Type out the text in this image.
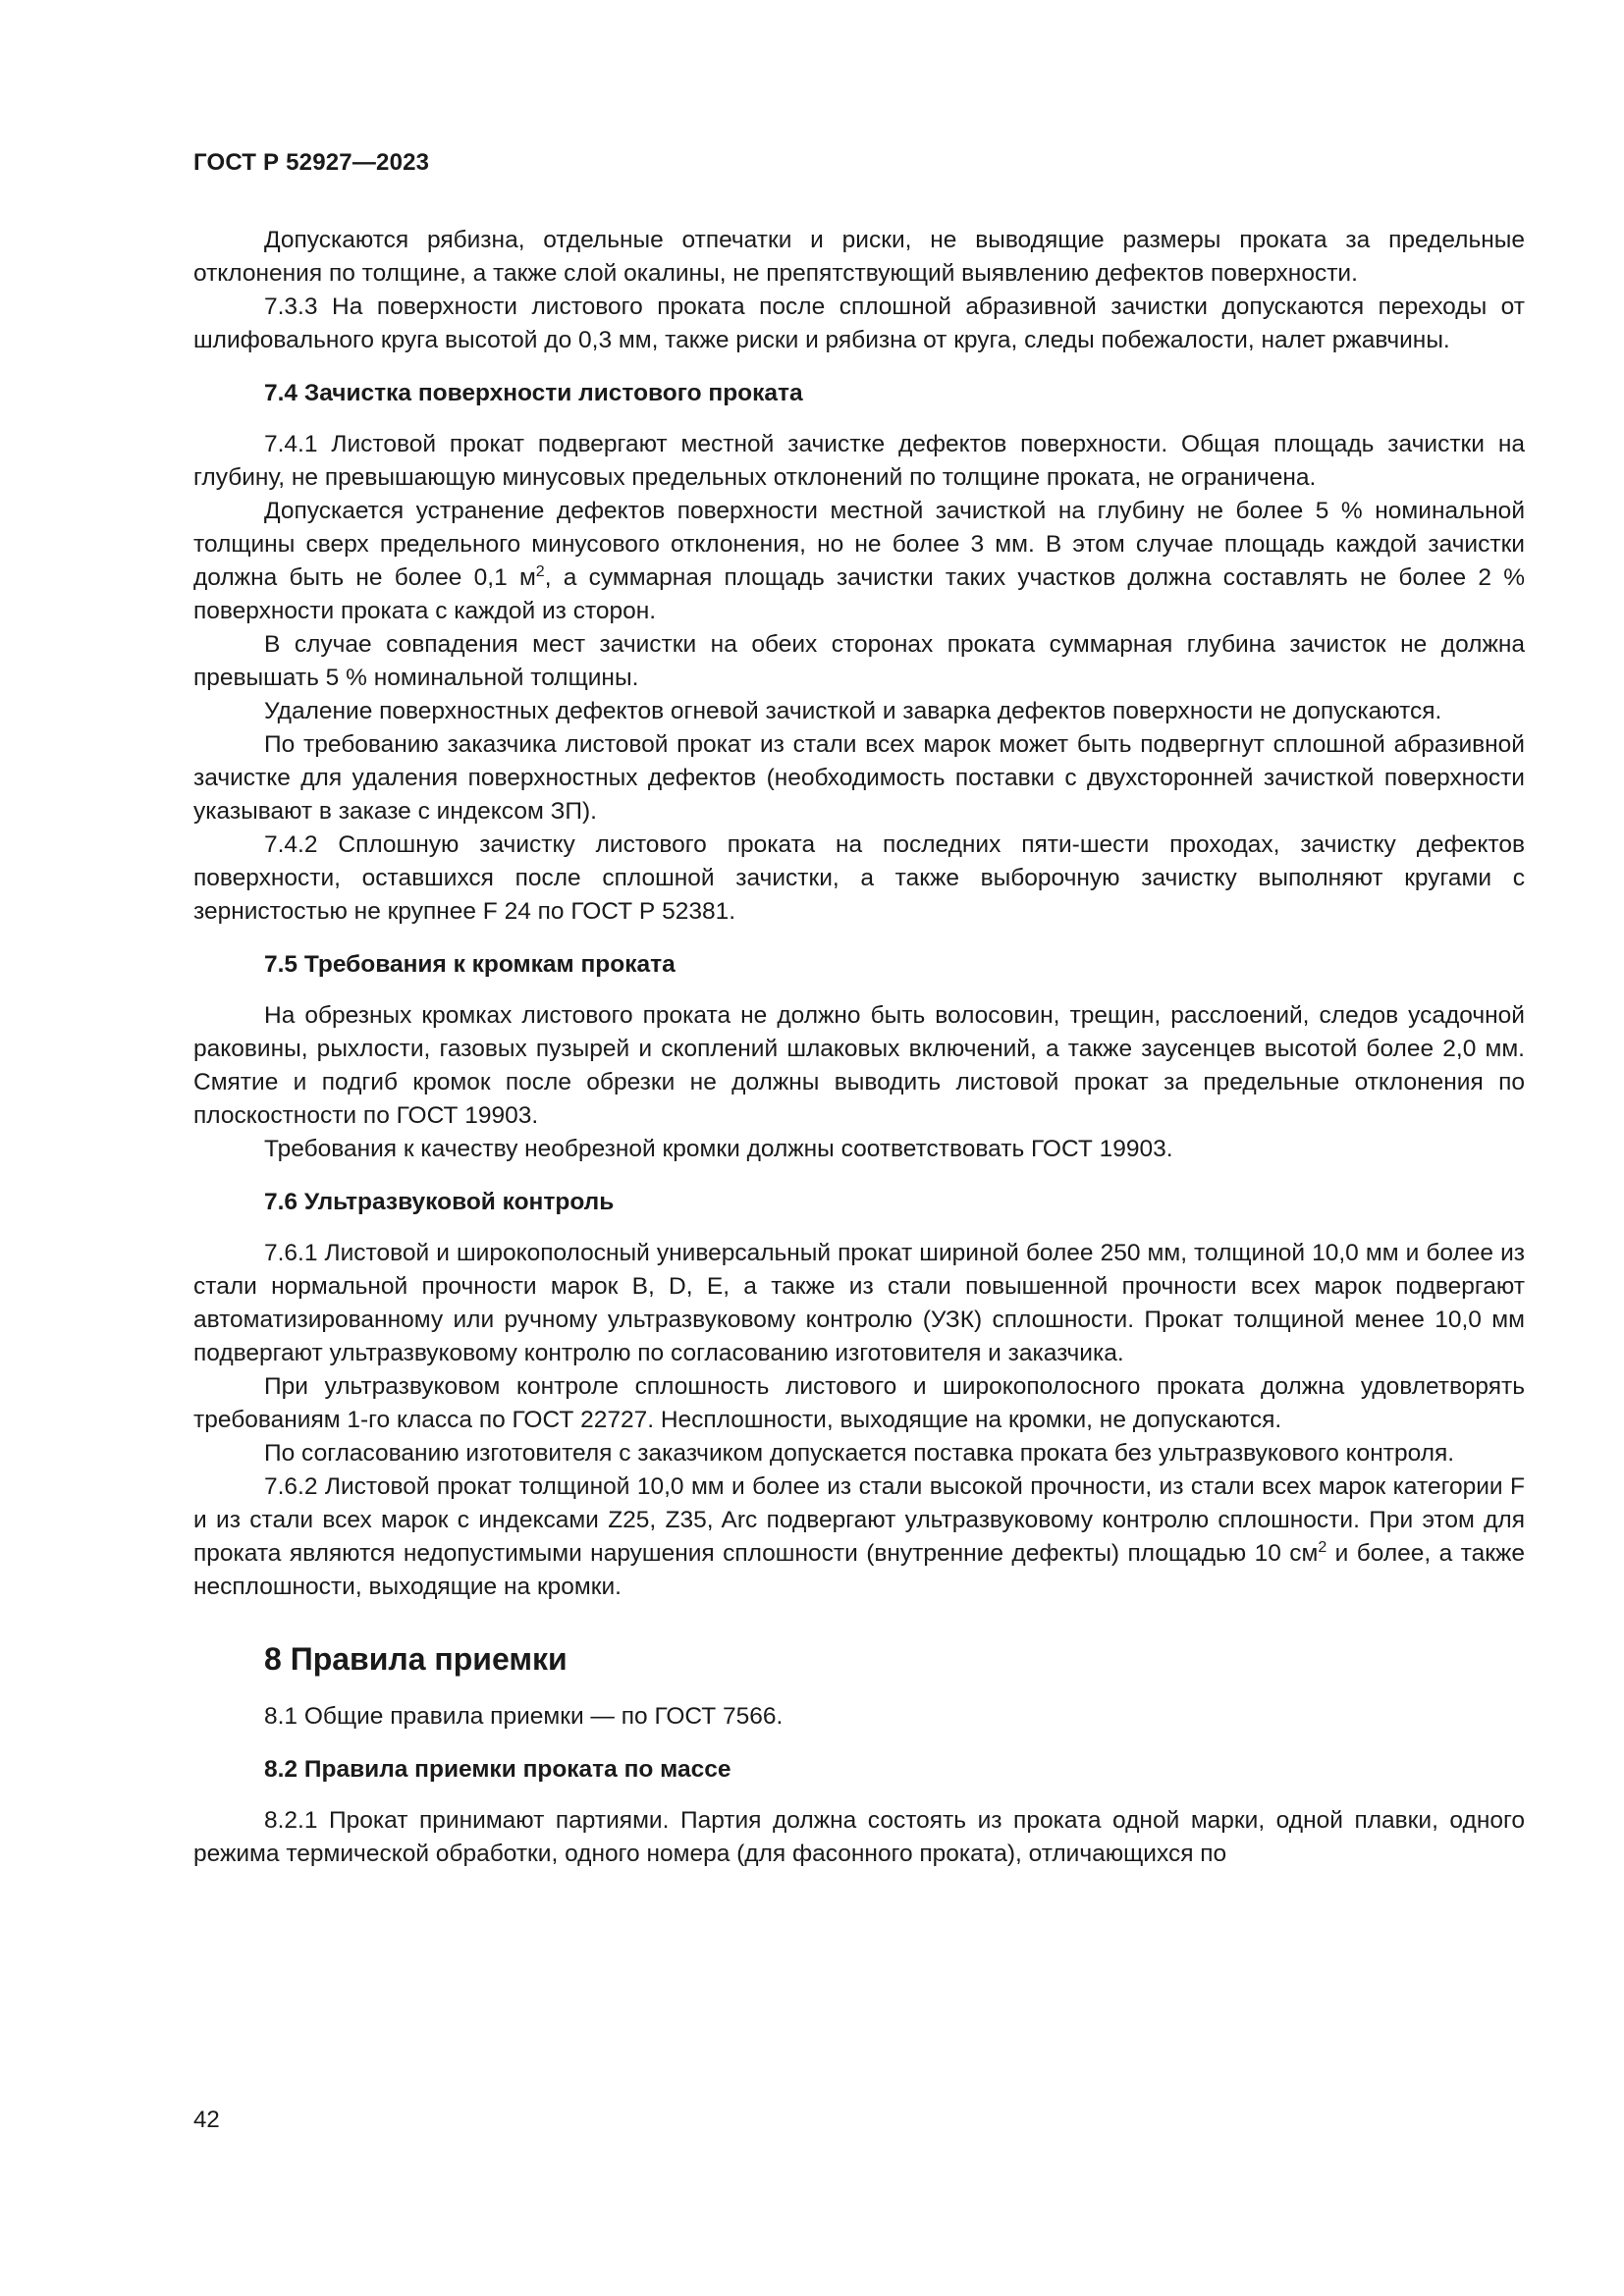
ГОСТ Р 52927—2023

Допускаются рябизна, отдельные отпечатки и риски, не выводящие размеры проката за предельные отклонения по толщине, а также слой окалины, не препятствующий выявлению дефектов поверхности.

7.3.3 На поверхности листового проката после сплошной абразивной зачистки допускаются переходы от шлифовального круга высотой до 0,3 мм, также риски и рябизна от круга, следы побежалости, налет ржавчины.

7.4 Зачистка поверхности листового проката

7.4.1 Листовой прокат подвергают местной зачистке дефектов поверхности. Общая площадь зачистки на глубину, не превышающую минусовых предельных отклонений по толщине проката, не ограничена.

Допускается устранение дефектов поверхности местной зачисткой на глубину не более 5 % номинальной толщины сверх предельного минусового отклонения, но не более 3 мм. В этом случае площадь каждой зачистки должна быть не более 0,1 $м^2$, а суммарная площадь зачистки таких участков должна составлять не более 2 % поверхности проката с каждой из сторон.

В случае совпадения мест зачистки на обеих сторонах проката суммарная глубина зачисток не должна превышать 5 % номинальной толщины.

Удаление поверхностных дефектов огневой зачисткой и заварка дефектов поверхности не допускаются.

По требованию заказчика листовой прокат из стали всех марок может быть подвергнут сплошной абразивной зачистке для удаления поверхностных дефектов (необходимость поставки с двухсторонней зачисткой поверхности указывают в заказе с индексом ЗП).

7.4.2 Сплошную зачистку листового проката на последних пяти-шести проходах, зачистку дефектов поверхности, оставшихся после сплошной зачистки, а также выборочную зачистку выполняют кругами с зернистостью не крупнее F 24 по ГОСТ Р 52381.

7.5 Требования к кромкам проката

На обрезных кромках листового проката не должно быть волосовин, трещин, расслоений, следов усадочной раковины, рыхлости, газовых пузырей и скоплений шлаковых включений, а также заусенцев высотой более 2,0 мм. Смятие и подгиб кромок после обрезки не должны выводить листовой прокат за предельные отклонения по плоскостности по ГОСТ 19903.

Требования к качеству необрезной кромки должны соответствовать ГОСТ 19903.

7.6 Ультразвуковой контроль

7.6.1 Листовой и широкополосный универсальный прокат шириной более 250 мм, толщиной 10,0 мм и более из стали нормальной прочности марок B, D, E, а также из стали повышенной прочности всех марок подвергают автоматизированному или ручному ультразвуковому контролю (УЗК) сплошности. Прокат толщиной менее 10,0 мм подвергают ультразвуковому контролю по согласованию изготовителя и заказчика.

При ультразвуковом контроле сплошность листового и широкополосного проката должна удовлетворять требованиям 1-го класса по ГОСТ 22727. Несплошности, выходящие на кромки, не допускаются.

По согласованию изготовителя с заказчиком допускается поставка проката без ультразвукового контроля.

7.6.2 Листовой прокат толщиной 10,0 мм и более из стали высокой прочности, из стали всех марок категории F и из стали всех марок с индексами Z25, Z35, Arc подвергают ультразвуковому контролю сплошности. При этом для проката являются недопустимыми нарушения сплошности (внутренние дефекты) площадью 10 $см^2$ и более, а также несплошности, выходящие на кромки.

8 Правила приемки

8.1 Общие правила приемки — по ГОСТ 7566.

8.2 Правила приемки проката по массе

8.2.1 Прокат принимают партиями. Партия должна состоять из проката одной марки, одной плавки, одного режима термической обработки, одного номера (для фасонного проката), отличающихся по

42
